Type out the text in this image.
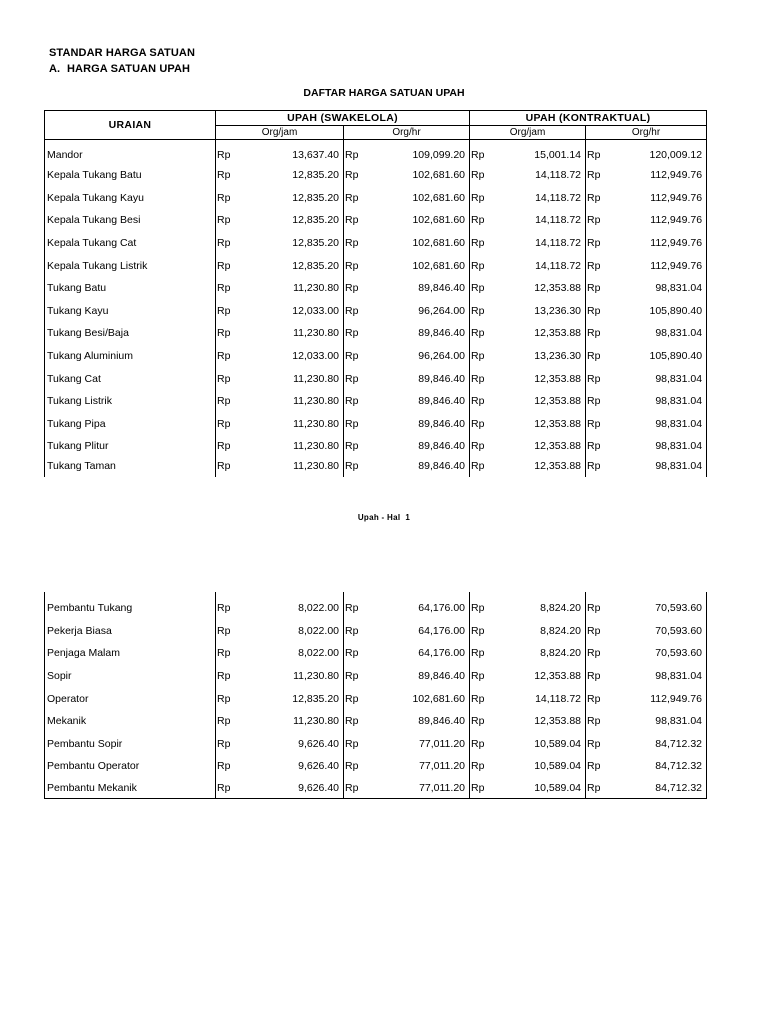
STANDAR HARGA SATUAN
A. HARGA SATUAN UPAH
DAFTAR HARGA SATUAN UPAH
URAIAN	UPAH (SWAKELOLA)				UPAH (KONTRAKTUAL)			
	Org/jam		Org/hr		Org/jam		Org/hr	
Mandor	Rp	13,637.40	Rp	109,099.20	Rp	15,001.14	Rp	120,009.12
Kepala Tukang Batu	Rp	12,835.20	Rp	102,681.60	Rp	14,118.72	Rp	112,949.76
Kepala Tukang Kayu	Rp	12,835.20	Rp	102,681.60	Rp	14,118.72	Rp	112,949.76
Kepala Tukang Besi	Rp	12,835.20	Rp	102,681.60	Rp	14,118.72	Rp	112,949.76
Kepala Tukang Cat	Rp	12,835.20	Rp	102,681.60	Rp	14,118.72	Rp	112,949.76
Kepala Tukang Listrik	Rp	12,835.20	Rp	102,681.60	Rp	14,118.72	Rp	112,949.76
Tukang Batu	Rp	11,230.80	Rp	89,846.40	Rp	12,353.88	Rp	98,831.04
Tukang Kayu	Rp	12,033.00	Rp	96,264.00	Rp	13,236.30	Rp	105,890.40
Tukang Besi/Baja	Rp	11,230.80	Rp	89,846.40	Rp	12,353.88	Rp	98,831.04
Tukang Aluminium	Rp	12,033.00	Rp	96,264.00	Rp	13,236.30	Rp	105,890.40
Tukang Cat	Rp	11,230.80	Rp	89,846.40	Rp	12,353.88	Rp	98,831.04
Tukang Listrik	Rp	11,230.80	Rp	89,846.40	Rp	12,353.88	Rp	98,831.04
Tukang Pipa	Rp	11,230.80	Rp	89,846.40	Rp	12,353.88	Rp	98,831.04
Tukang Plitur	Rp	11,230.80	Rp	89,846.40	Rp	12,353.88	Rp	98,831.04
Tukang Taman	Rp	11,230.80	Rp	89,846.40	Rp	12,353.88	Rp	98,831.04
Upah - Hal 1
Pembantu Tukang	Rp	8,022.00	Rp	64,176.00	Rp	8,824.20	Rp	70,593.60
Pekerja Biasa	Rp	8,022.00	Rp	64,176.00	Rp	8,824.20	Rp	70,593.60
Penjaga Malam	Rp	8,022.00	Rp	64,176.00	Rp	8,824.20	Rp	70,593.60
Sopir	Rp	11,230.80	Rp	89,846.40	Rp	12,353.88	Rp	98,831.04
Operator	Rp	12,835.20	Rp	102,681.60	Rp	14,118.72	Rp	112,949.76
Mekanik	Rp	11,230.80	Rp	89,846.40	Rp	12,353.88	Rp	98,831.04
Pembantu Sopir	Rp	9,626.40	Rp	77,011.20	Rp	10,589.04	Rp	84,712.32
Pembantu Operator	Rp	9,626.40	Rp	77,011.20	Rp	10,589.04	Rp	84,712.32
Pembantu Mekanik	Rp	9,626.40	Rp	77,011.20	Rp	10,589.04	Rp	84,712.32
